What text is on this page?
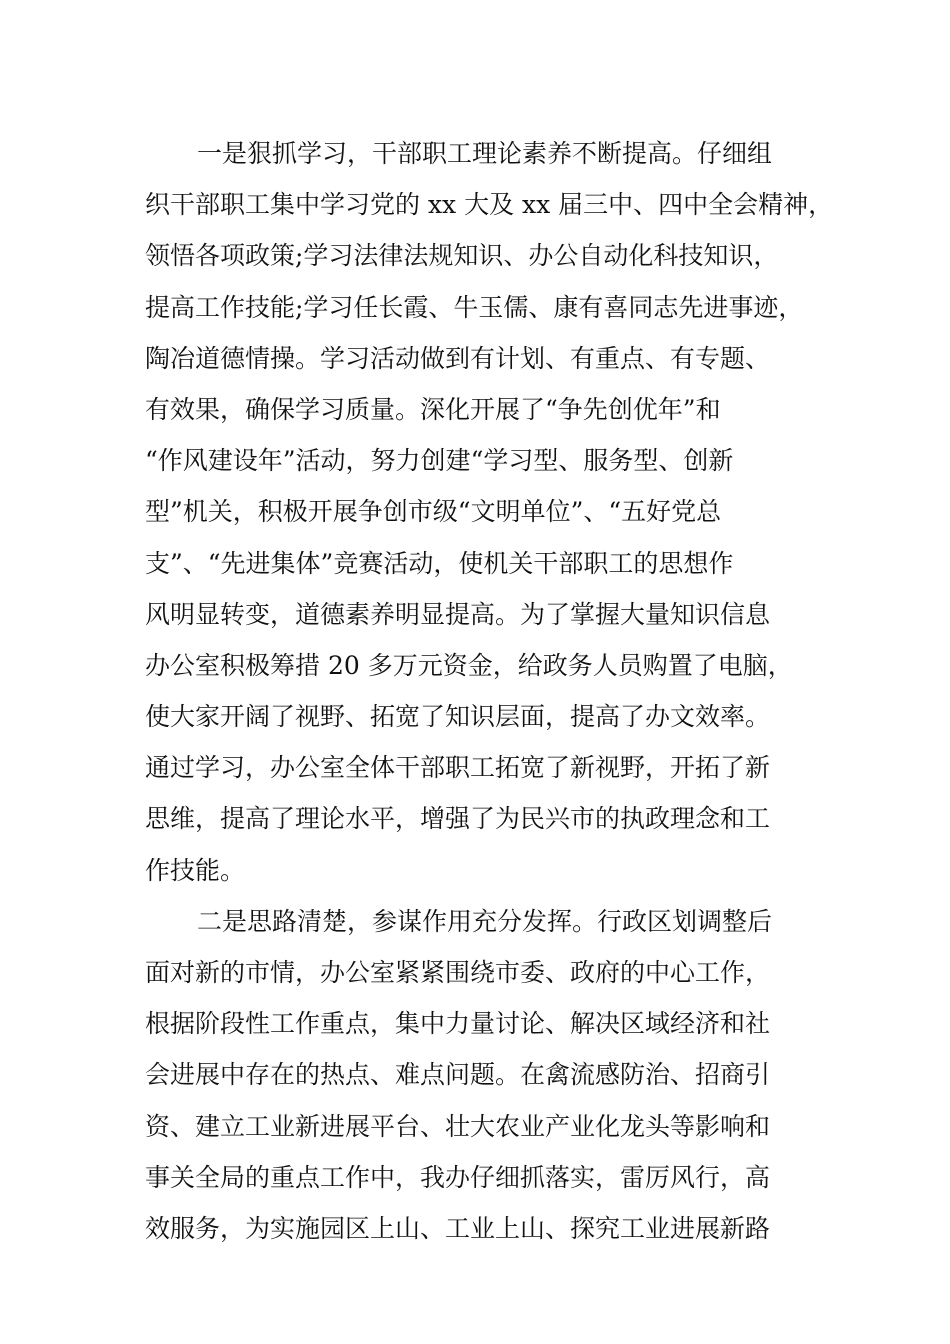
一是狠抓学习，干部职工理论素养不断提高。仔细组
织干部职工集中学习党的 xx 大及 xx 届三中、四中全会精神，
领悟各项政策;学习法律法规知识、办公自动化科技知识，
提高工作技能;学习任长霞、牛玉儒、康有喜同志先进事迹，
陶冶道德情操。学习活动做到有计划、有重点、有专题、
有效果，确保学习质量。深化开展了“争先创优年”和
“作风建设年”活动，努力创建“学习型、服务型、创新
型”机关，积极开展争创市级“文明单位”、“五好党总
支”、“先进集体”竞赛活动，使机关干部职工的思想作
风明显转变，道德素养明显提高。为了掌握大量知识信息
办公室积极筹措 20 多万元资金，给政务人员购置了电脑，
使大家开阔了视野、拓宽了知识层面，提高了办文效率。
通过学习，办公室全体干部职工拓宽了新视野，开拓了新
思维，提高了理论水平，增强了为民兴市的执政理念和工
作技能。
二是思路清楚，参谋作用充分发挥。行政区划调整后
面对新的市情，办公室紧紧围绕市委、政府的中心工作，
根据阶段性工作重点，集中力量讨论、解决区域经济和社
会进展中存在的热点、难点问题。在禽流感防治、招商引
资、建立工业新进展平台、壮大农业产业化龙头等影响和
事关全局的重点工作中，我办仔细抓落实，雷厉风行，高
效服务，为实施园区上山、工业上山、探究工业进展新路
